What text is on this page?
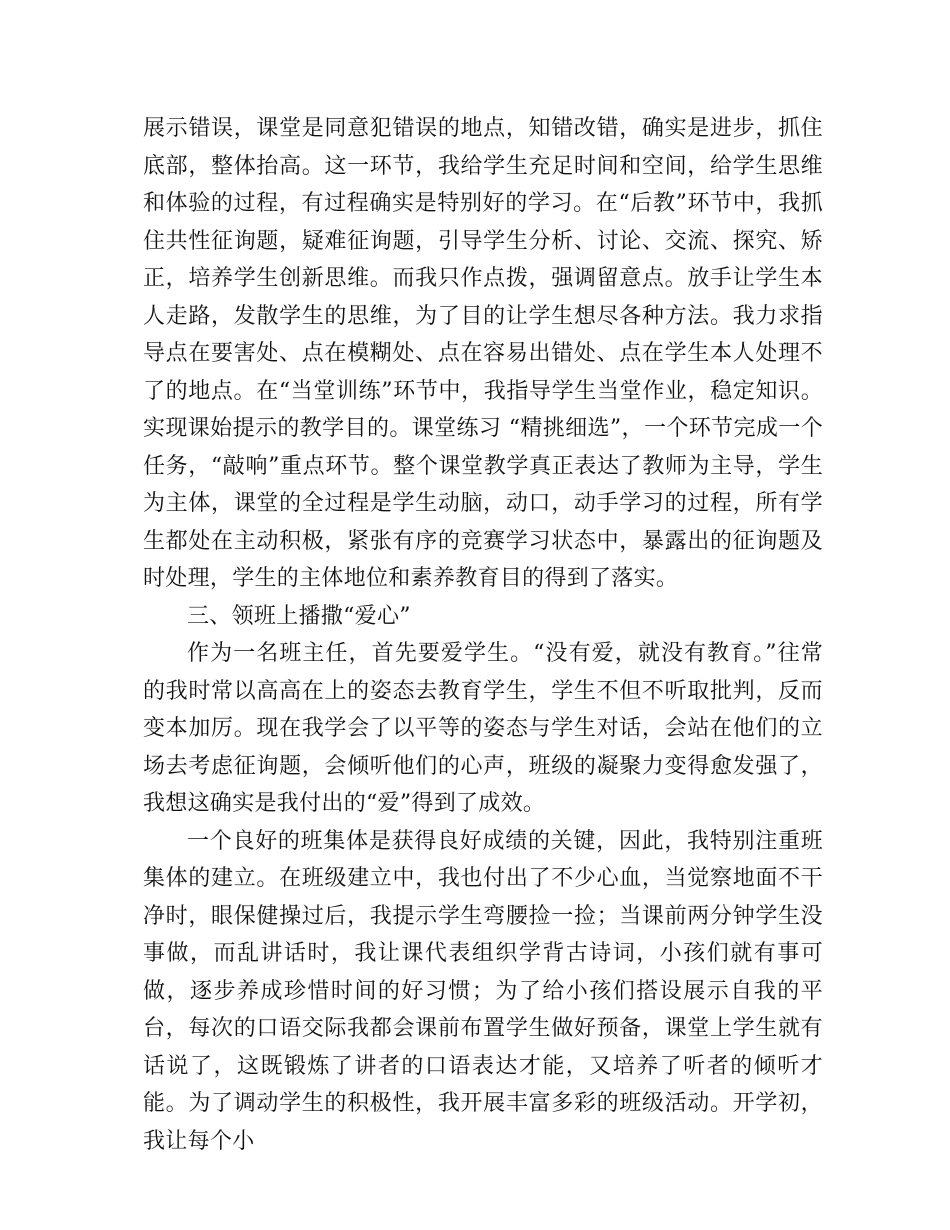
展示错误，课堂是同意犯错误的地点，知错改错，确实是进步，抓住底部，整体抬高。这一环节，我给学生充足时间和空间，给学生思维和体验的过程，有过程确实是特别好的学习。在“后教”环节中，我抓住共性征询题，疑难征询题，引导学生分析、讨论、交流、探究、矫正，培养学生创新思维。而我只作点拨，强调留意点。放手让学生本人走路，发散学生的思维，为了目的让学生想尽各种方法。我力求指导点在要害处、点在模糊处、点在容易出错处、点在学生本人处理不了的地点。在“当堂训练”环节中，我指导学生当堂作业，稳定知识。实现课始提示的教学目的。课堂练习 “精挑细选”，一个环节完成一个任务，“敲响”重点环节。整个课堂教学真正表达了教师为主导，学生为主体，课堂的全过程是学生动脑，动口，动手学习的过程，所有学生都处在主动积极，紧张有序的竞赛学习状态中，暴露出的征询题及时处理，学生的主体地位和素养教育目的得到了落实。

三、领班上播撒“爱心”

作为一名班主任，首先要爱学生。“没有爱，就没有教育。”往常的我时常以高高在上的姿态去教育学生，学生不但不听取批判，反而变本加厉。现在我学会了以平等的姿态与学生对话，会站在他们的立场去考虑征询题，会倾听他们的心声，班级的凝聚力变得愈发强了，我想这确实是我付出的“爱”得到了成效。

一个良好的班集体是获得良好成绩的关键，因此，我特别注重班集体的建立。在班级建立中，我也付出了不少心血，当觉察地面不干净时，眼保健操过后，我提示学生弯腰捡一捡；当课前两分钟学生没事做，而乱讲话时，我让课代表组织学背古诗词，小孩们就有事可做，逐步养成珍惜时间的好习惯；为了给小孩们搭设展示自我的平台，每次的口语交际我都会课前布置学生做好预备，课堂上学生就有话说了，这既锻炼了讲者的口语表达才能，又培养了听者的倾听才能。为了调动学生的积极性，我开展丰富多彩的班级活动。开学初，我让每个小
